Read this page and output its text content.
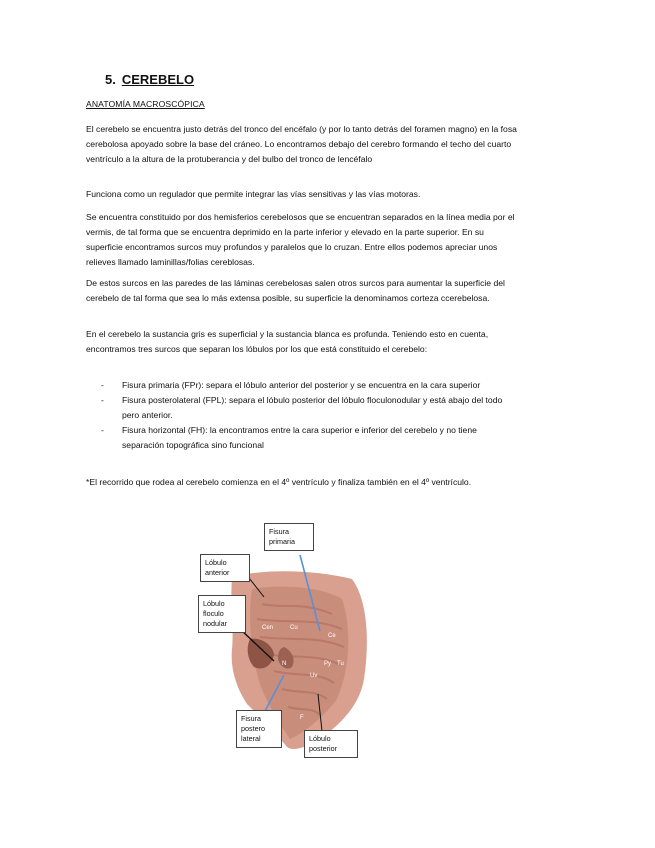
5. CEREBELO
ANATOMÍA MACROSCÓPICA

El cerebelo se encuentra justo detrás del tronco del encéfalo (y por lo tanto detrás del foramen magno) en la fosa cerebolosa apoyado sobre la base del cráneo. Lo encontramos debajo del cerebro formando el techo del cuarto ventrículo a la altura de la protuberancia y del bulbo del tronco de lencéfalo

Funciona como un regulador que permite integrar las vías sensitivas y las vías motoras.

Se encuentra constituido por dos hemisferios cerebelosos que se encuentran separados en la línea media por el vermis, de tal forma que se encuentra deprimido en la parte inferior y elevado en la parte superior. En su superficie encontramos surcos muy profundos y paralelos que lo cruzan. Entre ellos podemos apreciar unos relieves llamado laminillas/folias cereblosas.

De estos surcos en las paredes de las láminas cerebelosas salen otros surcos para aumentar la superficie del cerebelo de tal forma que sea lo más extensa posible, su superficie la denominamos corteza ccerebelosa.

En el cerebelo la sustancia gris es superficial y la sustancia blanca es profunda. Teniendo esto en cuenta, encontramos tres surcos que separan los lóbulos por los que está constituido el cerebelo:

- Fisura primaria (FPr): separa el lóbulo anterior del posterior y se encuentra en la cara superior
- Fisura posterolateral (FPL): separa el lóbulo posterior del lóbulo floculonodular y está abajo del todo pero anterior.
- Fisura horizontal (FH): la encontramos entre la cara superior e inferior del cerebelo y no tiene separación topográfica sino funcional

*El recorrido que rodea al cerebelo comienza en el 4º ventrículo y finaliza también en el 4º ventrículo.

Cen	Cu
Ce
N
Uv
Py Tu
F
Fisura
primaria
Lóbulo
anterior
Lóbulo
floculo
nodular
Fisura
postero
lateral	Lóbulo
posterior
